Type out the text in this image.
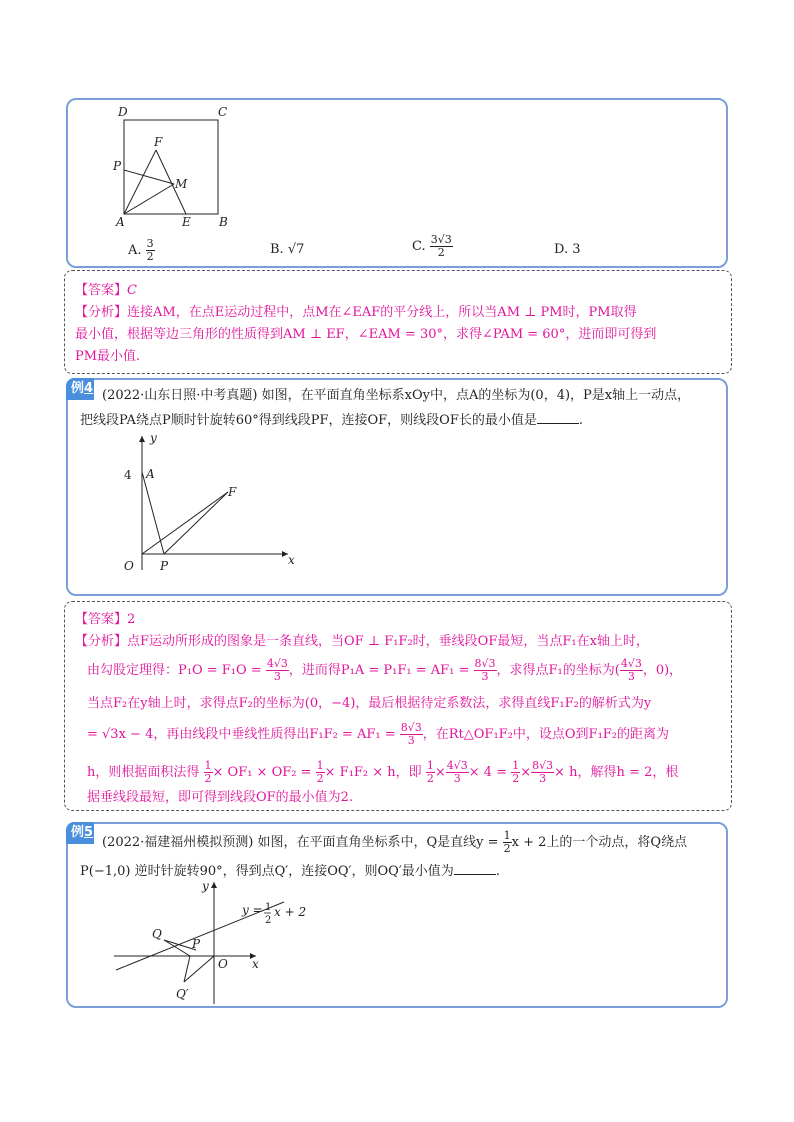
D	C
P
F
M
A	E B
A. $\frac{3}{2}$	B. √7	C. $\frac{3√3}{2}$	D. 3
【答案】C
【分析】连接AM，在点E运动过程中，点M在∠EAF的平分线上，所以当AM ⊥ PM时，PM取得
最小值，根据等边三角形的性质得到AM ⊥ EF，∠EAM = 30°，求得∠PAM = 60°，进而即可得到
PM最小值.
例4 (2022·山东日照·中考真题) 如图，在平面直角坐标系xOy中，点A的坐标为(0，4)，P是x轴上一动点，
把线段PA绕点P顺时针旋转60°得到线段PF，连接OF，则线段OF长的最小值是	.
y
x
4 A
F
O P
【答案】2
【分析】点F运动所形成的图象是一条直线，当OF ⊥ F₁F₂时，垂线段OF最短，当点F₁在x轴上时，
由勾股定理得：$P_1O = F_1O = \frac{4√3}{3}$ ，进而得$P_1A = P_1F_1 = AF_1 = \frac{8√3}{3}$ ，求得点F₁的坐标为( $\frac{4√3}{3}$ ，0)，
当点F₂在y轴上时，求得点F₂的坐标为(0，−4)，最后根据待定系数法，求得直线F₁F₂的解析式为y
= √3x − 4，再由线段中垂线性质得出$F_1F_2 = AF_1 = \frac{8√3}{3}$ ，在Rt△OF₁F₂中，设点O到F₁F₂的距离为
h，则根据面积法得 $\frac{1}{2} \times OF_1 \times OF_2 = \frac{1}{2} \times F_1F_2 \times h$，即 $\frac{1}{2} \times \frac{4√3}{3} \times 4 = \frac{1}{2} \times \frac{8√3}{3} \times h$，解得h = 2，根
据垂线段最短，即可得到线段OF的最小值为2.
例5
(2022·福建福州模拟预测) 如图，在平面直角坐标系中，Q是直线$y = \frac{1}{2}$ x + 2上的一个动点，将Q绕点
P(−1,0) 逆时针旋转90°，得到点Q′，连接OQ′，则OQ′最小值为	.
y
x
O
Q
P
Q′
y = 1
2
x + 2
